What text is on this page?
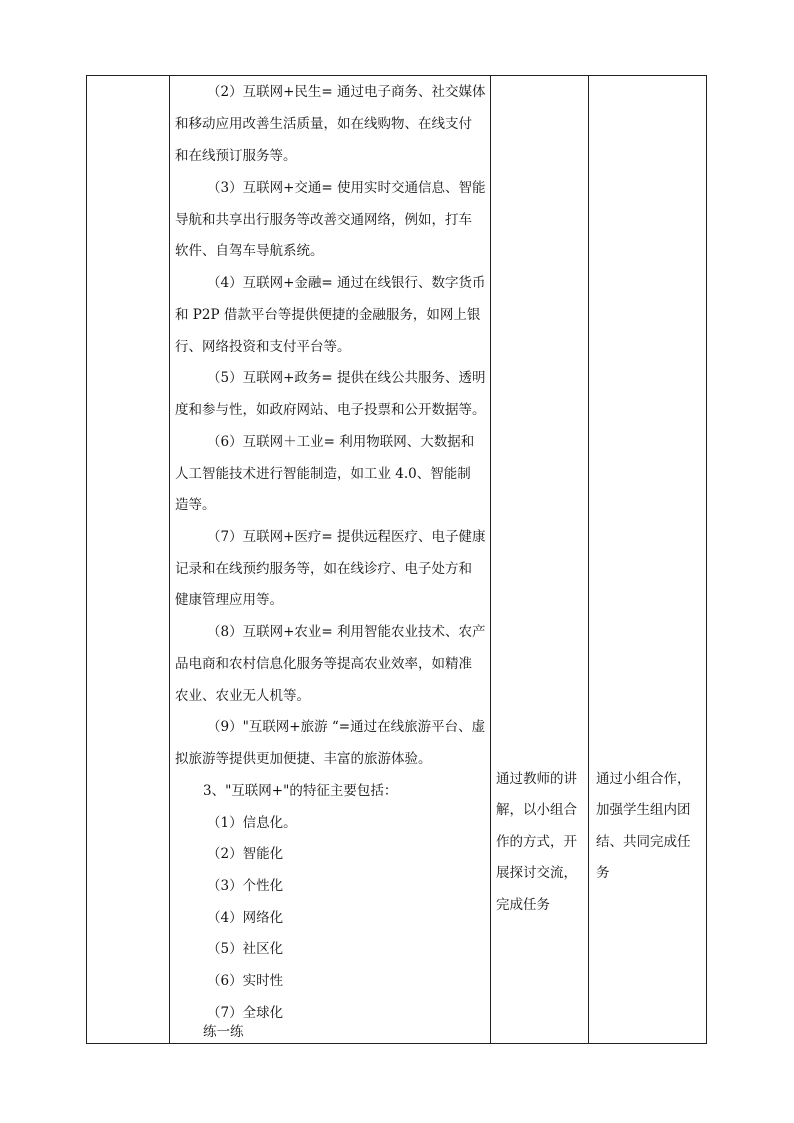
（2）互联网+民生= 通过电子商务、社交媒体
和移动应用改善生活质量，如在线购物、在线支付
和在线预订服务等。
（3）互联网+交通= 使用实时交通信息、智能
导航和共享出行服务等改善交通网络，例如，打车
软件、自驾车导航系统。
（4）互联网+金融= 通过在线银行、数字货币
和 P2P 借款平台等提供便捷的金融服务，如网上银
行、网络投资和支付平台等。
（5）互联网+政务= 提供在线公共服务、透明
度和参与性，如政府网站、电子投票和公开数据等。
（6）互联网＋工业= 利用物联网、大数据和
人工智能技术进行智能制造，如工业 4.0、智能制
造等。
（7）互联网+医疗= 提供远程医疗、电子健康
记录和在线预约服务等，如在线诊疗、电子处方和
健康管理应用等。
（8）互联网+农业= 利用智能农业技术、农产
品电商和农村信息化服务等提高农业效率，如精准
农业、农业无人机等。
（9）"互联网+旅游 “=通过在线旅游平台、虚
拟旅游等提供更加便捷、丰富的旅游体验。
3、"互联网+"的特征主要包括：
（1）信息化。
（2）智能化
（3）个性化
（4）网络化
（5）社区化
（6）实时性
（7）全球化
练一练
通过教师的讲
解，以小组合
作的方式，开
展探讨交流，
完成任务
通过小组合作，
加强学生组内团
结、共同完成任
务
